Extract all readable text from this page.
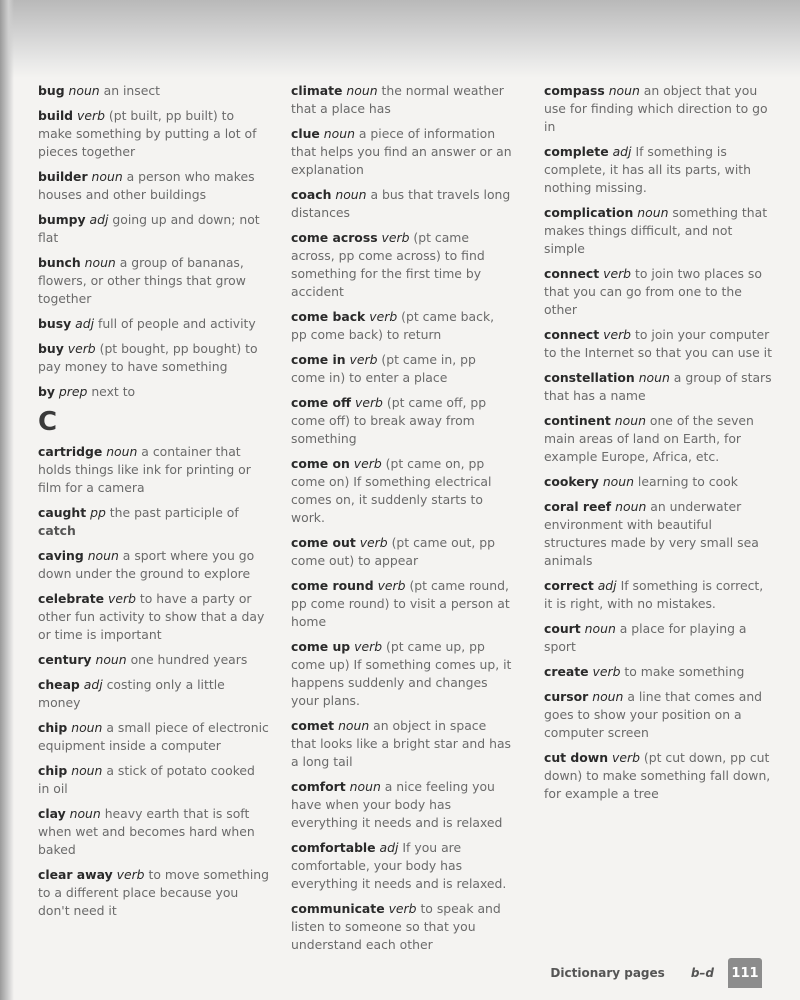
bug noun an insect
build verb (pt built, pp built) to make something by putting a lot of pieces together
builder noun a person who makes houses and other buildings
bumpy adj going up and down; not flat
bunch noun a group of bananas, flowers, or other things that grow together
busy adj full of people and activity
buy verb (pt bought, pp bought) to pay money to have something
by prep next to
C
cartridge noun a container that holds things like ink for printing or film for a camera
caught pp the past participle of catch
caving noun a sport where you go down under the ground to explore
celebrate verb to have a party or other fun activity to show that a day or time is important
century noun one hundred years
cheap adj costing only a little money
chip noun a small piece of electronic equipment inside a computer
chip noun a stick of potato cooked in oil
clay noun heavy earth that is soft when wet and becomes hard when baked
clear away verb to move something to a different place because you don't need it
climate noun the normal weather that a place has
clue noun a piece of information that helps you find an answer or an explanation
coach noun a bus that travels long distances
come across verb (pt came across, pp come across) to find something for the first time by accident
come back verb (pt came back, pp come back) to return
come in verb (pt came in, pp come in) to enter a place
come off verb (pt came off, pp come off) to break away from something
come on verb (pt came on, pp come on) If something electrical comes on, it suddenly starts to work.
come out verb (pt came out, pp come out) to appear
come round verb (pt came round, pp come round) to visit a person at home
come up verb (pt came up, pp come up) If something comes up, it happens suddenly and changes your plans.
comet noun an object in space that looks like a bright star and has a long tail
comfort noun a nice feeling you have when your body has everything it needs and is relaxed
comfortable adj If you are comfortable, your body has everything it needs and is relaxed.
communicate verb to speak and listen to someone so that you understand each other
compass noun an object that you use for finding which direction to go in
complete adj If something is complete, it has all its parts, with nothing missing.
complication noun something that makes things difficult, and not simple
connect verb to join two places so that you can go from one to the other
connect verb to join your computer to the Internet so that you can use it
constellation noun a group of stars that has a name
continent noun one of the seven main areas of land on Earth, for example Europe, Africa, etc.
cookery noun learning to cook
coral reef noun an underwater environment with beautiful structures made by very small sea animals
correct adj If something is correct, it is right, with no mistakes.
court noun a place for playing a sport
create verb to make something
cursor noun a line that comes and goes to show your position on a computer screen
cut down verb (pt cut down, pp cut down) to make something fall down, for example a tree
Dictionary pages b–d 111
